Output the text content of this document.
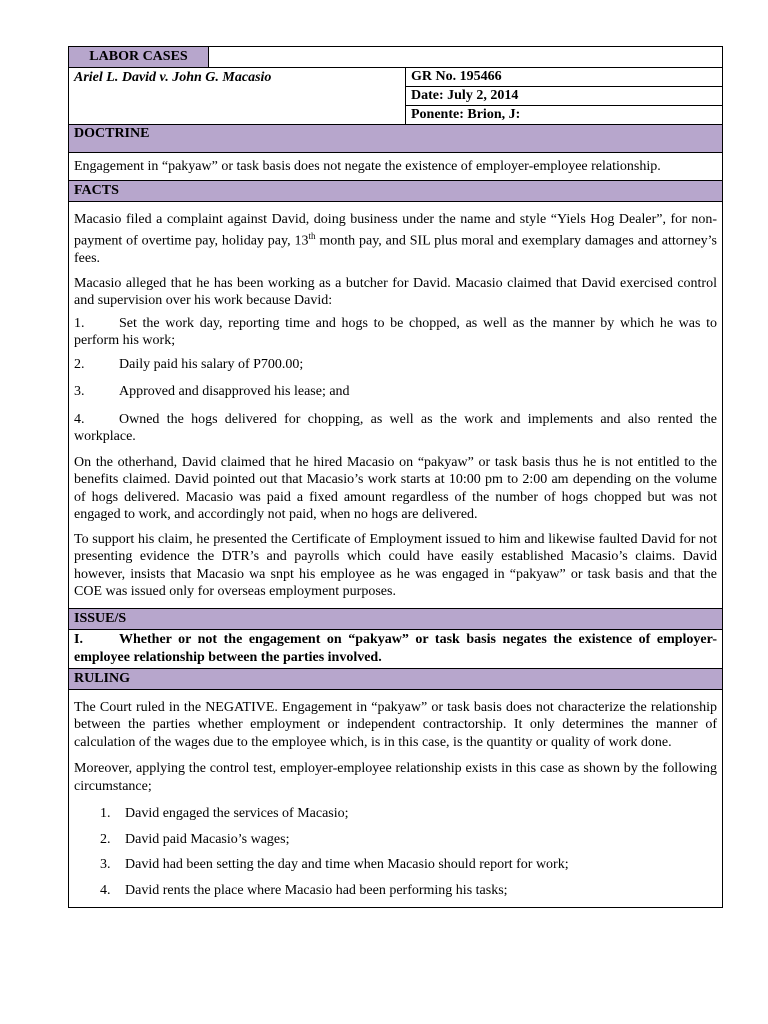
LABOR CASES
Ariel L. David v. John G. Macasio	GR No. 195466
Date: July 2, 2014
Ponente: Brion, J:
DOCTRINE

Engagement in “pakyaw” or task basis does not negate the existence of employer-employee relationship.

FACTS

Macasio filed a complaint against David, doing business under the name and style “Yiels Hog Dealer”, for non-payment of overtime pay, holiday pay, 13th month pay, and SIL plus moral and exemplary damages and attorney’s fees.

Macasio alleged that he has been working as a butcher for David. Macasio claimed that David exercised control and supervision over his work because David:

1. Set the work day, reporting time and hogs to be chopped, as well as the manner by which he was to perform his work;

2. Daily paid his salary of P700.00;

3. Approved and disapproved his lease; and

4. Owned the hogs delivered for chopping, as well as the work and implements and also rented the workplace.

On the otherhand, David claimed that he hired Macasio on “pakyaw” or task basis thus he is not entitled to the benefits claimed. David pointed out that Macasio’s work starts at 10:00 pm to 2:00 am depending on the volume of hogs delivered. Macasio was paid a fixed amount regardless of the number of hogs chopped but was not engaged to work, and accordingly not paid, when no hogs are delivered.

To support his claim, he presented the Certificate of Employment issued to him and likewise faulted David for not presenting evidence the DTR’s and payrolls which could have easily established Macasio’s claims. David however, insists that Macasio wa snpt his employee as he was engaged in “pakyaw” or task basis and that the COE was issued only for overseas employment purposes.

ISSUE/S
I.	Whether or not the engagement on “pakyaw” or task basis negates the existence of employer-employee relationship between the parties involved.
RULING

The Court ruled in the NEGATIVE. Engagement in “pakyaw” or task basis does not characterize the relationship between the parties whether employment or independent contractorship. It only determines the manner of calculation of the wages due to the employee which, is in this case, is the quantity or quality of work done.

Moreover, applying the control test, employer-employee relationship exists in this case as shown by the following circumstance;

1. David engaged the services of Macasio;

2. David paid Macasio’s wages;

3. David had been setting the day and time when Macasio should report for work;

4. David rents the place where Macasio had been performing his tasks;
